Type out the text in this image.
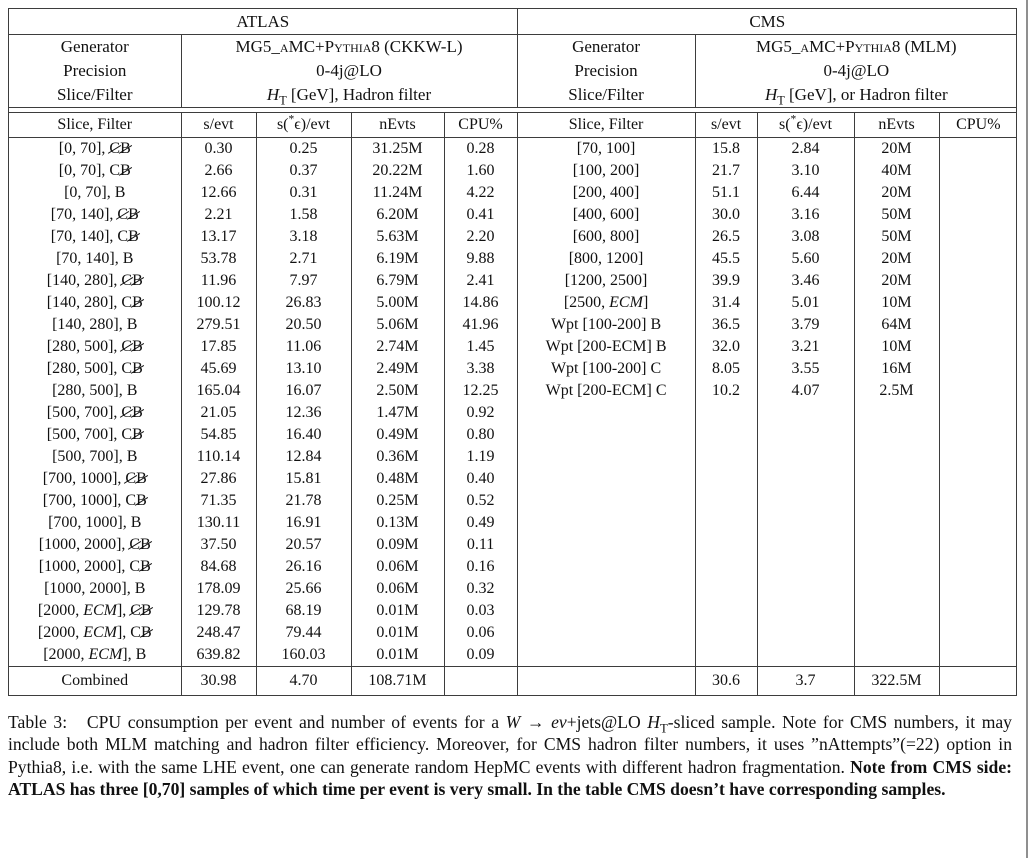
ATLAS					CMS				
Generator	MG5_aMC+Pythia8 (CKKW-L)				Generator	MG5_aMC+Pythia8 (MLM)			
Precision	0-4j@LO				Precision	0-4j@LO			
Slice/Filter	$H_T$ [GeV], Hadron filter				Slice/Filter	$H_T$ [GeV], or Hadron filter			

Slice, Filter	s/evt	s(*ϵ)/evt	nEvts	CPU%	Slice, Filter	s/evt	s(*ϵ)/evt	nEvts	CPU%
[0, 70], CB	0.30	0.25	31.25M	0.28	[70, 100]	15.8	2.84	20M	
[0, 70], CB	2.66	0.37	20.22M	1.60	[100, 200]	21.7	3.10	40M	
[0, 70], B	12.66	0.31	11.24M	4.22	[200, 400]	51.1	6.44	20M	
[70, 140], CB	2.21	1.58	6.20M	0.41	[400, 600]	30.0	3.16	50M	
[70, 140], CB	13.17	3.18	5.63M	2.20	[600, 800]	26.5	3.08	50M	
[70, 140], B	53.78	2.71	6.19M	9.88	[800, 1200]	45.5	5.60	20M	
[140, 280], CB	11.96	7.97	6.79M	2.41	[1200, 2500]	39.9	3.46	20M	
[140, 280], CB	100.12	26.83	5.00M	14.86	[2500, ECM]	31.4	5.01	10M	
[140, 280], B	279.51	20.50	5.06M	41.96	Wpt [100-200] B	36.5	3.79	64M	
[280, 500], CB	17.85	11.06	2.74M	1.45	Wpt [200-ECM] B	32.0	3.21	10M	
[280, 500], CB	45.69	13.10	2.49M	3.38	Wpt [100-200] C	8.05	3.55	16M	
[280, 500], B	165.04	16.07	2.50M	12.25	Wpt [200-ECM] C	10.2	4.07	2.5M	
[500, 700], CB	21.05	12.36	1.47M	0.92					
[500, 700], CB	54.85	16.40	0.49M	0.80					
[500, 700], B	110.14	12.84	0.36M	1.19					
[700, 1000], CB	27.86	15.81	0.48M	0.40					
[700, 1000], CB	71.35	21.78	0.25M	0.52					
[700, 1000], B	130.11	16.91	0.13M	0.49					
[1000, 2000], CB	37.50	20.57	0.09M	0.11					
[1000, 2000], CB	84.68	26.16	0.06M	0.16					
[1000, 2000], B	178.09	25.66	0.06M	0.32					
[2000, ECM], CB	129.78	68.19	0.01M	0.03					
[2000, ECM], CB	248.47	79.44	0.01M	0.06					
[2000, ECM], B	639.82	160.03	0.01M	0.09					
Combined	30.98	4.70	108.71M			30.6	3.7	322.5M	
Table 3:   CPU consumption per event and number of events for a W → eν+jets@LO $H_T$-sliced sample. Note for CMS numbers, it may include both MLM matching and hadron filter efficiency. Moreover, for CMS hadron filter numbers, it uses ”nAttempts”(=22) option in Pythia8, i.e. with the same LHE event, one can generate random HepMC events with different hadron fragmentation. Note from CMS side: ATLAS has three [0,70] samples of which time per event is very small. In the table CMS doesn’t have corresponding samples.
